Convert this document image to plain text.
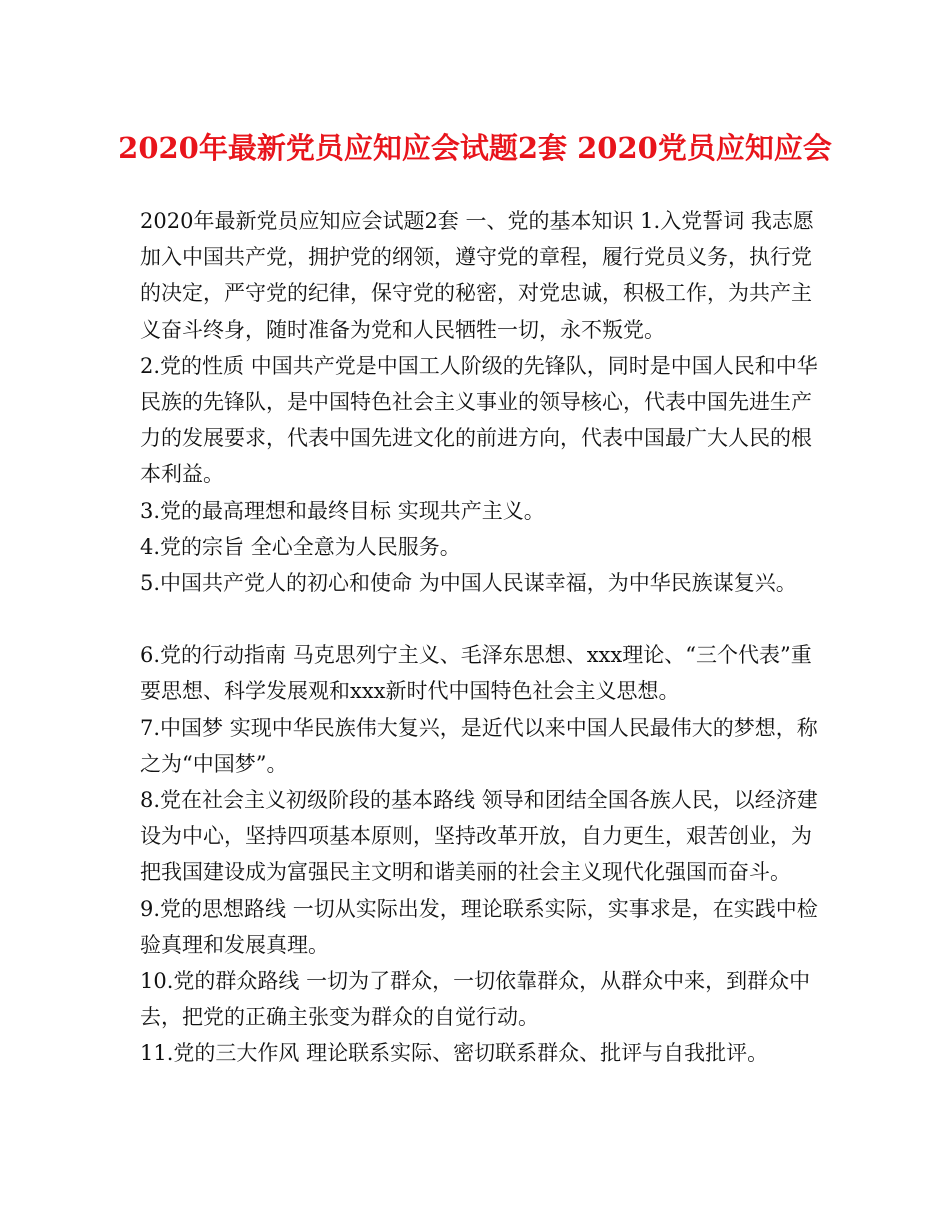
2020年最新党员应知应会试题2套 2020党员应知应会

2020年最新党员应知应会试题2套 一、党的基本知识 1.入党誓词 我志愿加入中国共产党，拥护党的纲领，遵守党的章程，履行党员义务，执行党的决定，严守党的纪律，保守党的秘密，对党忠诚，积极工作，为共产主义奋斗终身，随时准备为党和人民牺牲一切，永不叛党。

2.党的性质 中国共产党是中国工人阶级的先锋队，同时是中国人民和中华民族的先锋队，是中国特色社会主义事业的领导核心，代表中国先进生产力的发展要求，代表中国先进文化的前进方向，代表中国最广大人民的根本利益。

3.党的最高理想和最终目标 实现共产主义。

4.党的宗旨 全心全意为人民服务。

5.中国共产党人的初心和使命 为中国人民谋幸福，为中华民族谋复兴。

6.党的行动指南 马克思列宁主义、毛泽东思想、xxx理论、“三个代表”重要思想、科学发展观和xxx新时代中国特色社会主义思想。

7.中国梦 实现中华民族伟大复兴，是近代以来中国人民最伟大的梦想，称之为“中国梦”。

8.党在社会主义初级阶段的基本路线 领导和团结全国各族人民，以经济建设为中心，坚持四项基本原则，坚持改革开放，自力更生，艰苦创业，为把我国建设成为富强民主文明和谐美丽的社会主义现代化强国而奋斗。

9.党的思想路线 一切从实际出发，理论联系实际，实事求是，在实践中检验真理和发展真理。

10.党的群众路线 一切为了群众，一切依靠群众，从群众中来，到群众中去，把党的正确主张变为群众的自觉行动。

11.党的三大作风 理论联系实际、密切联系群众、批评与自我批评。
